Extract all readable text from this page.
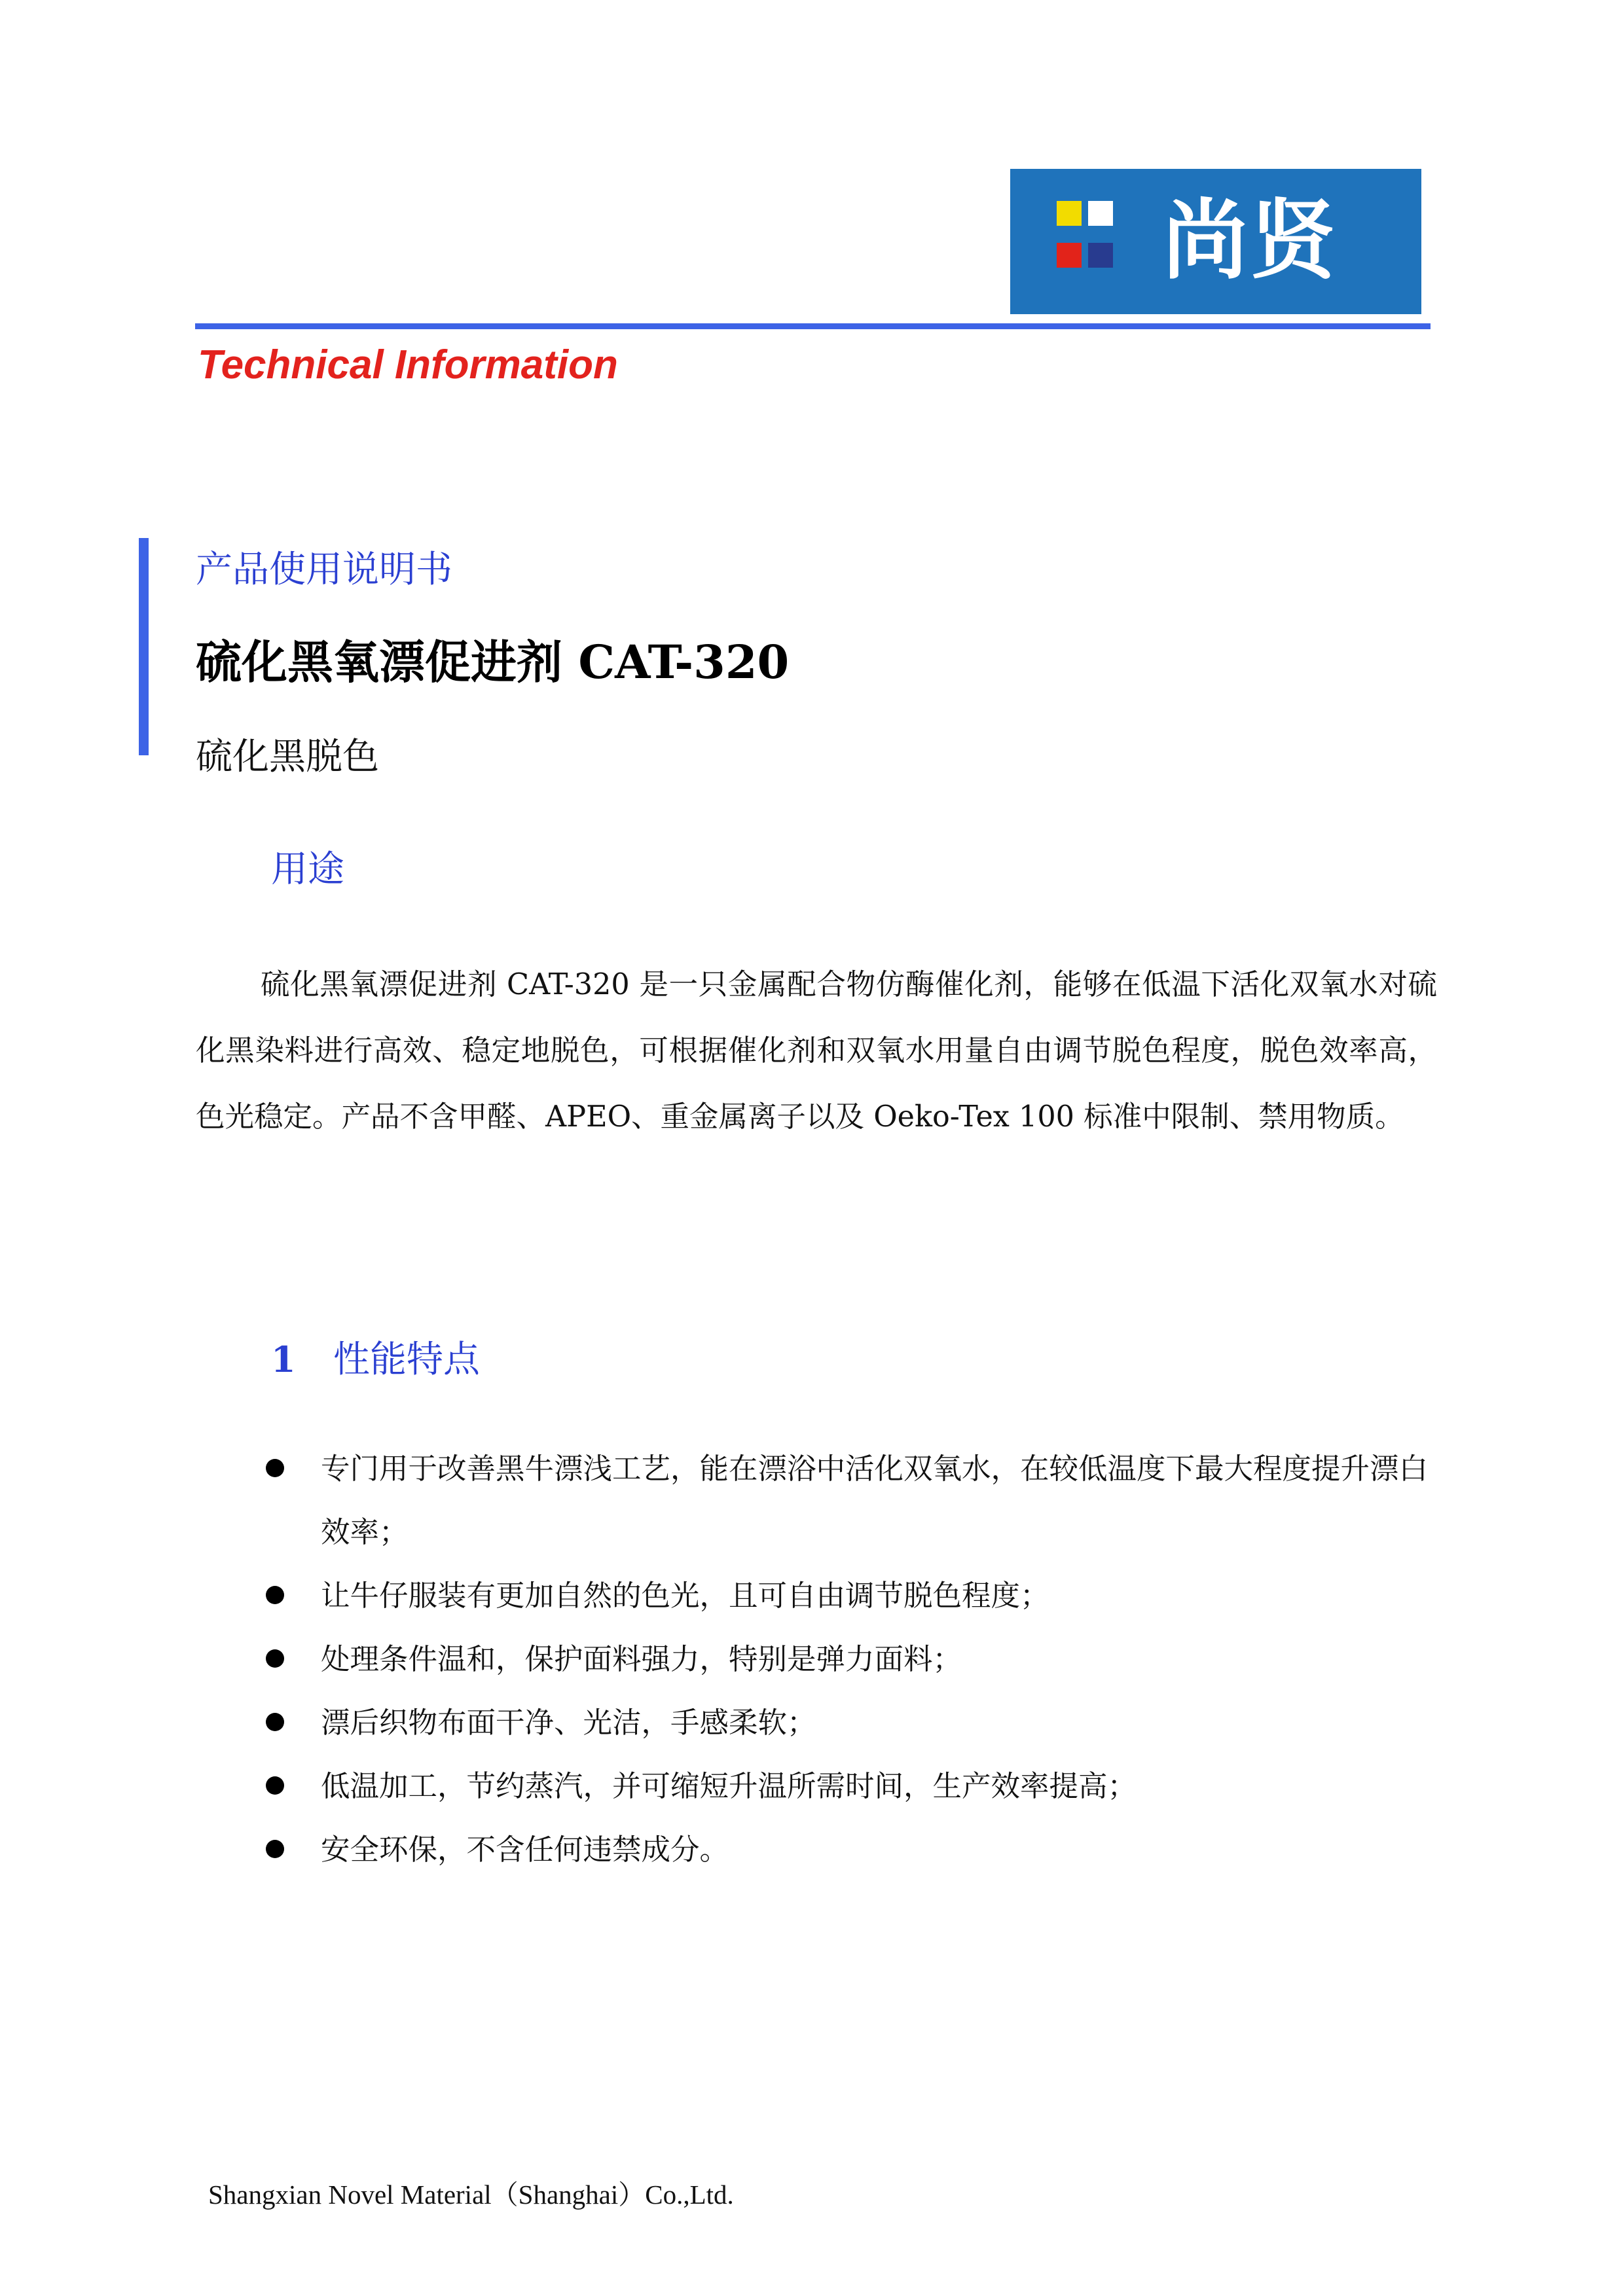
尚贤
Technical Information
产品使用说明书
硫化黑氧漂促进剂 CAT-320
硫化黑脱色
用途

硫化黑氧漂促进剂 CAT-320 是一只金属配合物仿酶催化剂，能够在低温下活化双氧水对硫化黑染料进行高效、稳定地脱色，可根据催化剂和双氧水用量自由调节脱色程度，脱色效率高，色光稳定。产品不含甲醛、APEO、重金属离子以及 Oeko-Tex 100 标准中限制、禁用物质。

1 性能特点
专门用于改善黑牛漂浅工艺，能在漂浴中活化双氧水，在较低温度下最大程度提升漂白效率；
让牛仔服装有更加自然的色光，且可自由调节脱色程度；
处理条件温和，保护面料强力，特别是弹力面料；
漂后织物布面干净、光洁，手感柔软；
低温加工，节约蒸汽，并可缩短升温所需时间，生产效率提高；
安全环保，不含任何违禁成分。
Shangxian Novel Material（Shanghai）Co.,Ltd.
